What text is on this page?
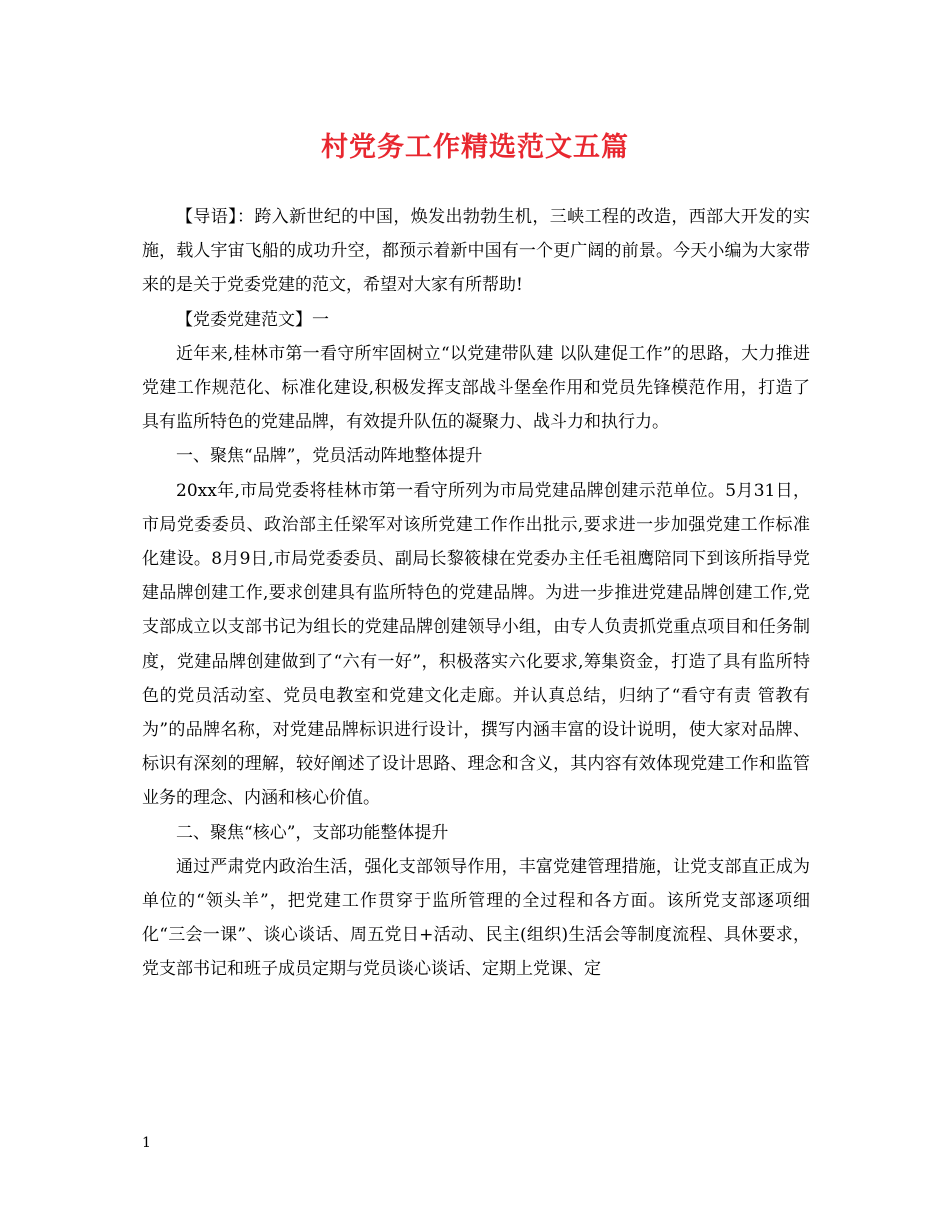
村党务工作精选范文五篇

【导语】：跨入新世纪的中国，焕发出勃勃生机，三峡工程的改造，西部大开发的实施，载人宇宙飞船的成功升空，都预示着新中国有一个更广阔的前景。今天小编为大家带来的是关于党委党建的范文，希望对大家有所帮助!

【党委党建范文】一

近年来,桂林市第一看守所牢固树立“以党建带队建 以队建促工作”的思路，大力推进党建工作规范化、标准化建设,积极发挥支部战斗堡垒作用和党员先锋模范作用，打造了具有监所特色的党建品牌，有效提升队伍的凝聚力、战斗力和执行力。

一、聚焦“品牌”，党员活动阵地整体提升

20xx年,市局党委将桂林市第一看守所列为市局党建品牌创建示范单位。5月31日，市局党委委员、政治部主任梁军对该所党建工作作出批示,要求进一步加强党建工作标准化建设。8月9日,市局党委委员、副局长黎筱棣在党委办主任毛祖鹰陪同下到该所指导党建品牌创建工作,要求创建具有监所特色的党建品牌。为进一步推进党建品牌创建工作,党支部成立以支部书记为组长的党建品牌创建领导小组，由专人负责抓党重点项目和任务制度，党建品牌创建做到了“六有一好”，积极落实六化要求,筹集资金，打造了具有监所特色的党员活动室、党员电教室和党建文化走廊。并认真总结，归纳了“看守有责 管教有为”的品牌名称，对党建品牌标识进行设计，撰写内涵丰富的设计说明，使大家对品牌、标识有深刻的理解，较好阐述了设计思路、理念和含义，其内容有效体现党建工作和监管业务的理念、内涵和核心价值。

二、聚焦“核心”，支部功能整体提升

通过严肃党内政治生活，强化支部领导作用，丰富党建管理措施，让党支部直正成为单位的“领头羊”，把党建工作贯穿于监所管理的全过程和各方面。该所党支部逐项细化“三会一课”、谈心谈话、周五党日+活动、民主(组织)生活会等制度流程、具休要求，党支部书记和班子成员定期与党员谈心谈话、定期上党课、定

1
